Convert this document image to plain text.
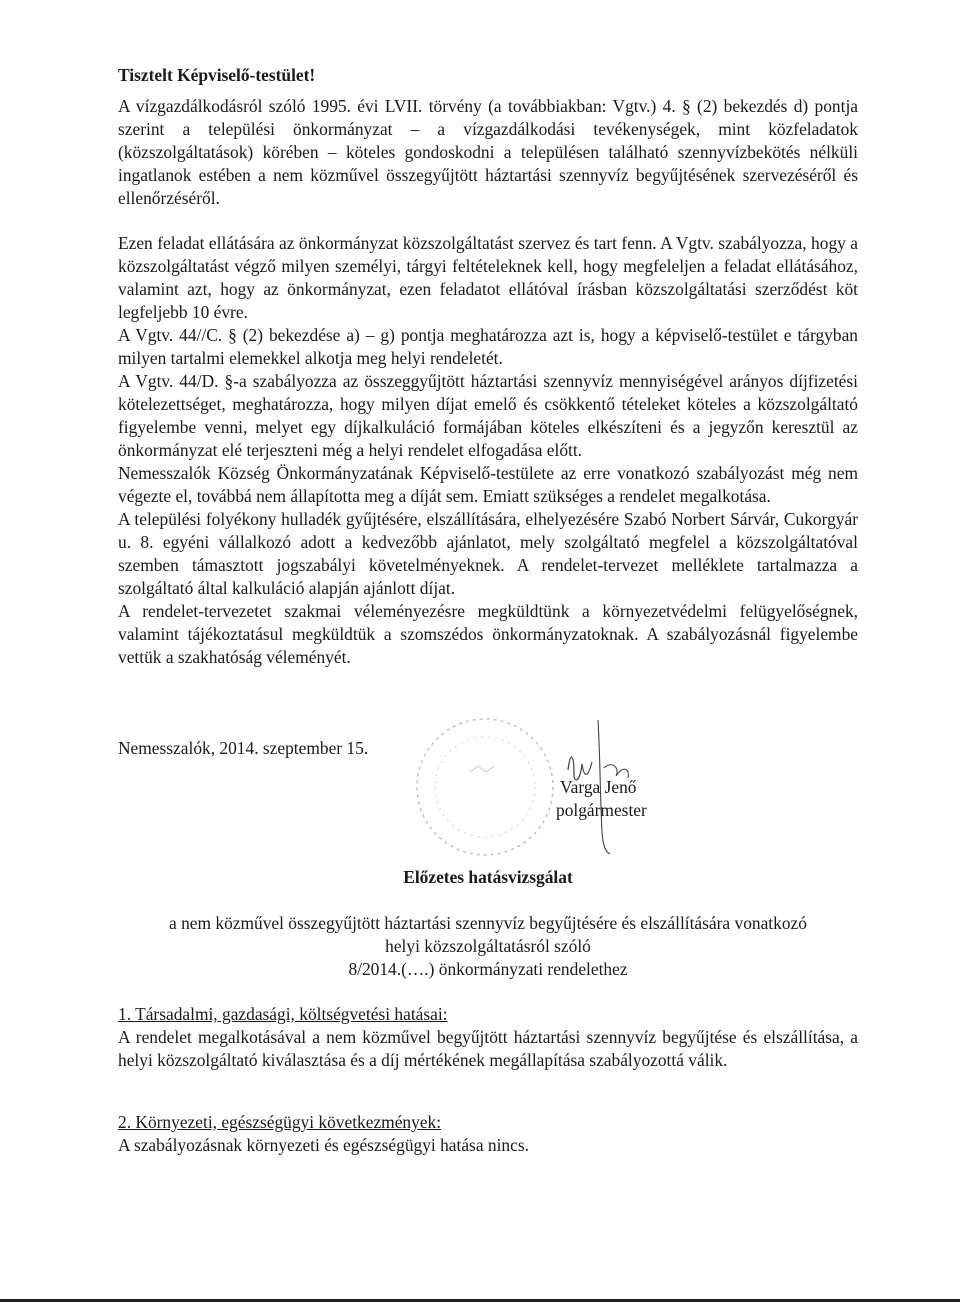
Tisztelt Képviselő-testület!

A vízgazdálkodásról szóló 1995. évi LVII. törvény (a továbbiakban: Vgtv.) 4. § (2) bekezdés d) pontja szerint a települési önkormányzat – a vízgazdálkodási tevékenységek, mint közfeladatok (közszolgáltatások) körében – köteles gondoskodni a településen található szennyvízbekötés nélküli ingatlanok estében a nem közművel összegyűjtött háztartási szennyvíz begyűjtésének szervezéséről és ellenőrzéséről.

Ezen feladat ellátására az önkormányzat közszolgáltatást szervez és tart fenn. A Vgtv. szabályozza, hogy a közszolgáltatást végző milyen személyi, tárgyi feltételeknek kell, hogy megfeleljen a feladat ellátásához, valamint azt, hogy az önkormányzat, ezen feladatot ellátóval írásban közszolgáltatási szerződést köt legfeljebb 10 évre.

A Vgtv. 44//C. § (2) bekezdése a) – g) pontja meghatározza azt is, hogy a képviselő-testület e tárgyban milyen tartalmi elemekkel alkotja meg helyi rendeletét.

A Vgtv. 44/D. §-a szabályozza az összeggyűjtött háztartási szennyvíz mennyiségével arányos díjfizetési kötelezettséget, meghatározza, hogy milyen díjat emelő és csökkentő tételeket köteles a közszolgáltató figyelembe venni, melyet egy díjkalkuláció formájában köteles elkészíteni és a jegyzőn keresztül az önkormányzat elé terjeszteni még a helyi rendelet elfogadása előtt.

Nemesszalók Község Önkormányzatának Képviselő-testülete az erre vonatkozó szabályozást még nem végezte el, továbbá nem állapította meg a díját sem. Emiatt szükséges a rendelet megalkotása.

A települési folyékony hulladék gyűjtésére, elszállítására, elhelyezésére Szabó Norbert Sárvár, Cukorgyár u. 8. egyéni vállalkozó adott a kedvezőbb ajánlatot, mely szolgáltató megfelel a közszolgáltatóval szemben támasztott jogszabályi követelményeknek. A rendelet-tervezet melléklete tartalmazza a szolgáltató által kalkuláció alapján ajánlott díjat.

A rendelet-tervezetet szakmai véleményezésre megküldtünk a környezetvédelmi felügyelőségnek, valamint tájékoztatásul megküldtük a szomszédos önkormányzatoknak. A szabályozásnál figyelembe vettük a szakhatóság véleményét.

Nemesszalók, 2014. szeptember 15.
Varga Jenő
polgármester
Előzetes hatásvizsgálat
a nem közművel összegyűjtött háztartási szennyvíz begyűjtésére és elszállítására vonatkozó
helyi közszolgáltatásról szóló
8/2014.(….) önkormányzati rendelethez
1. Társadalmi, gazdasági, költségvetési hatásai:

A rendelet megalkotásával a nem közművel begyűjtött háztartási szennyvíz begyűjtése és elszállítása, a helyi közszolgáltató kiválasztása és a díj mértékének megállapítása szabályozottá válik.

2. Környezeti, egészségügyi következmények:

A szabályozásnak környezeti és egészségügyi hatása nincs.
